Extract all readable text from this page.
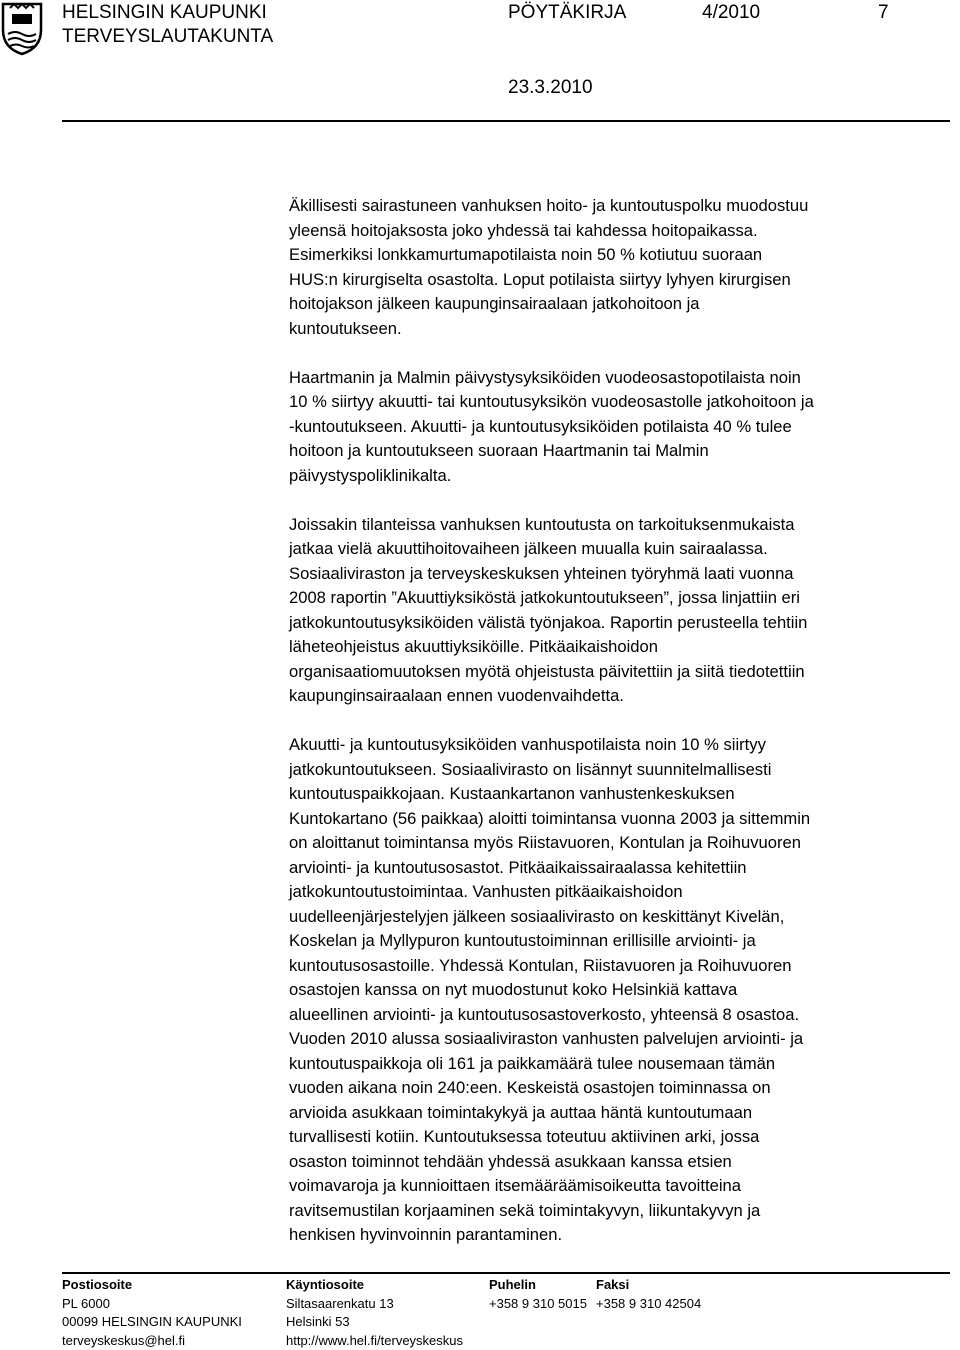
HELSINGIN KAUPUNKI
TERVEYSLAUTAKUNTA
PÖYTÄKIRJA	4/2010	7
23.3.2010

Äkillisesti sairastuneen vanhuksen hoito- ja kuntoutuspolku muodostuu
yleensä hoitojaksosta joko yhdessä tai kahdessa hoitopaikassa.
Esimerkiksi lonkkamurtumapotilaista noin 50 % kotiutuu suoraan
HUS:n kirurgiselta osastolta. Loput potilaista siirtyy lyhyen kirurgisen
hoitojakson jälkeen kaupunginsairaalaan jatkohoitoon ja
kuntoutukseen.

Haartmanin ja Malmin päivystysyksiköiden vuodeosastopotilaista noin
10 % siirtyy akuutti- tai kuntoutusyksikön vuodeosastolle jatkohoitoon ja
-kuntoutukseen. Akuutti- ja kuntoutusyksiköiden potilaista 40 % tulee
hoitoon ja kuntoutukseen suoraan Haartmanin tai Malmin
päivystyspoliklinikalta.

Joissakin tilanteissa vanhuksen kuntoutusta on tarkoituksenmukaista
jatkaa vielä akuuttihoitovaiheen jälkeen muualla kuin sairaalassa.
Sosiaaliviraston ja terveyskeskuksen yhteinen työryhmä laati vuonna
2008 raportin ”Akuuttiyksiköstä jatkokuntoutukseen”, jossa linjattiin eri
jatkokuntoutusyksiköiden välistä työnjakoa. Raportin perusteella tehtiin
läheteohjeistus akuuttiyksiköille. Pitkäaikaishoidon
organisaatiomuutoksen myötä ohjeistusta päivitettiin ja siitä tiedotettiin
kaupunginsairaalaan ennen vuodenvaihdetta.

Akuutti- ja kuntoutusyksiköiden vanhuspotilaista noin 10 % siirtyy
jatkokuntoutukseen. Sosiaalivirasto on lisännyt suunnitelmallisesti
kuntoutuspaikkojaan. Kustaankartanon vanhustenkeskuksen
Kuntokartano (56 paikkaa) aloitti toimintansa vuonna 2003 ja sittemmin
on aloittanut toimintansa myös Riistavuoren, Kontulan ja Roihuvuoren
arviointi- ja kuntoutusosastot. Pitkäaikaissairaalassa kehitettiin
jatkokuntoutustoimintaa. Vanhusten pitkäaikaishoidon
uudelleenjärjestelyjen jälkeen sosiaalivirasto on keskittänyt Kivelän,
Koskelan ja Myllypuron kuntoutustoiminnan erillisille arviointi- ja
kuntoutusosastoille. Yhdessä Kontulan, Riistavuoren ja Roihuvuoren
osastojen kanssa on nyt muodostunut koko Helsinkiä kattava
alueellinen arviointi- ja kuntoutusosastoverkosto, yhteensä 8 osastoa.
Vuoden 2010 alussa sosiaaliviraston vanhusten palvelujen arviointi- ja
kuntoutuspaikkoja oli 161 ja paikkamäärä tulee nousemaan tämän
vuoden aikana noin 240:een. Keskeistä osastojen toiminnassa on
arvioida asukkaan toimintakykyä ja auttaa häntä kuntoutumaan
turvallisesti kotiin. Kuntoutuksessa toteutuu aktiivinen arki, jossa
osaston toiminnot tehdään yhdessä asukkaan kanssa etsien
voimavaroja ja kunnioittaen itsemääräämisoikeutta tavoitteina
ravitsemustilan korjaaminen sekä toimintakyvyn, liikuntakyvyn ja
henkisen hyvinvoinnin parantaminen.

Postiosoite
PL 6000
00099 HELSINGIN KAUPUNKI
terveyskeskus@hel.fi
Käyntiosoite
Siltasaarenkatu 13
Helsinki 53
http://www.hel.fi/terveyskeskus
Puhelin
+358 9 310 5015
Faksi
+358 9 310 42504
